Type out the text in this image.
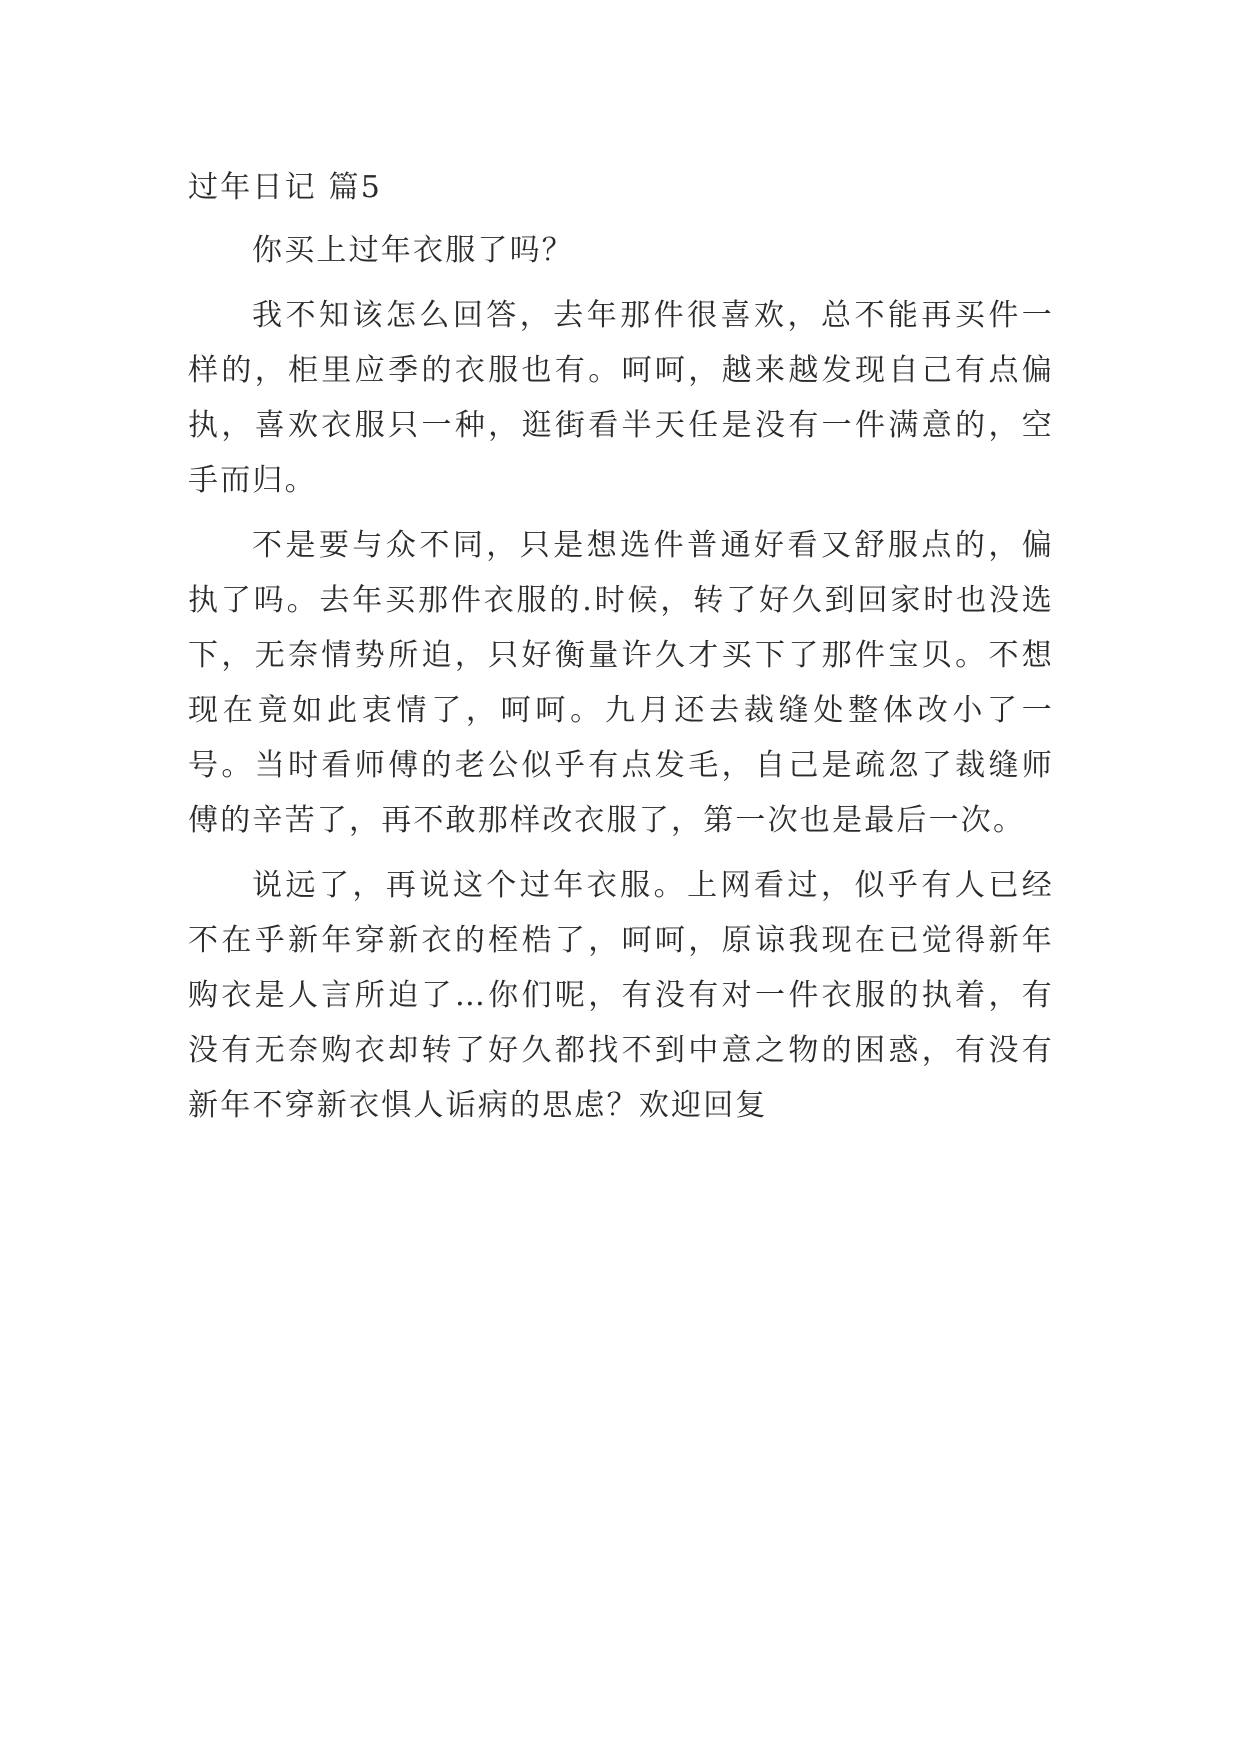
过年日记 篇5

你买上过年衣服了吗？

我不知该怎么回答，去年那件很喜欢，总不能再买件一样的，柜里应季的衣服也有。呵呵，越来越发现自己有点偏执，喜欢衣服只一种，逛街看半天任是没有一件满意的，空手而归。

不是要与众不同，只是想选件普通好看又舒服点的，偏执了吗。去年买那件衣服的.时候，转了好久到回家时也没选下，无奈情势所迫，只好衡量许久才买下了那件宝贝。不想现在竟如此衷情了，呵呵。九月还去裁缝处整体改小了一号。当时看师傅的老公似乎有点发毛，自己是疏忽了裁缝师傅的辛苦了，再不敢那样改衣服了，第一次也是最后一次。

说远了，再说这个过年衣服。上网看过，似乎有人已经不在乎新年穿新衣的桎梏了，呵呵，原谅我现在已觉得新年购衣是人言所迫了…你们呢，有没有对一件衣服的执着，有没有无奈购衣却转了好久都找不到中意之物的困惑，有没有新年不穿新衣惧人诟病的思虑？欢迎回复
